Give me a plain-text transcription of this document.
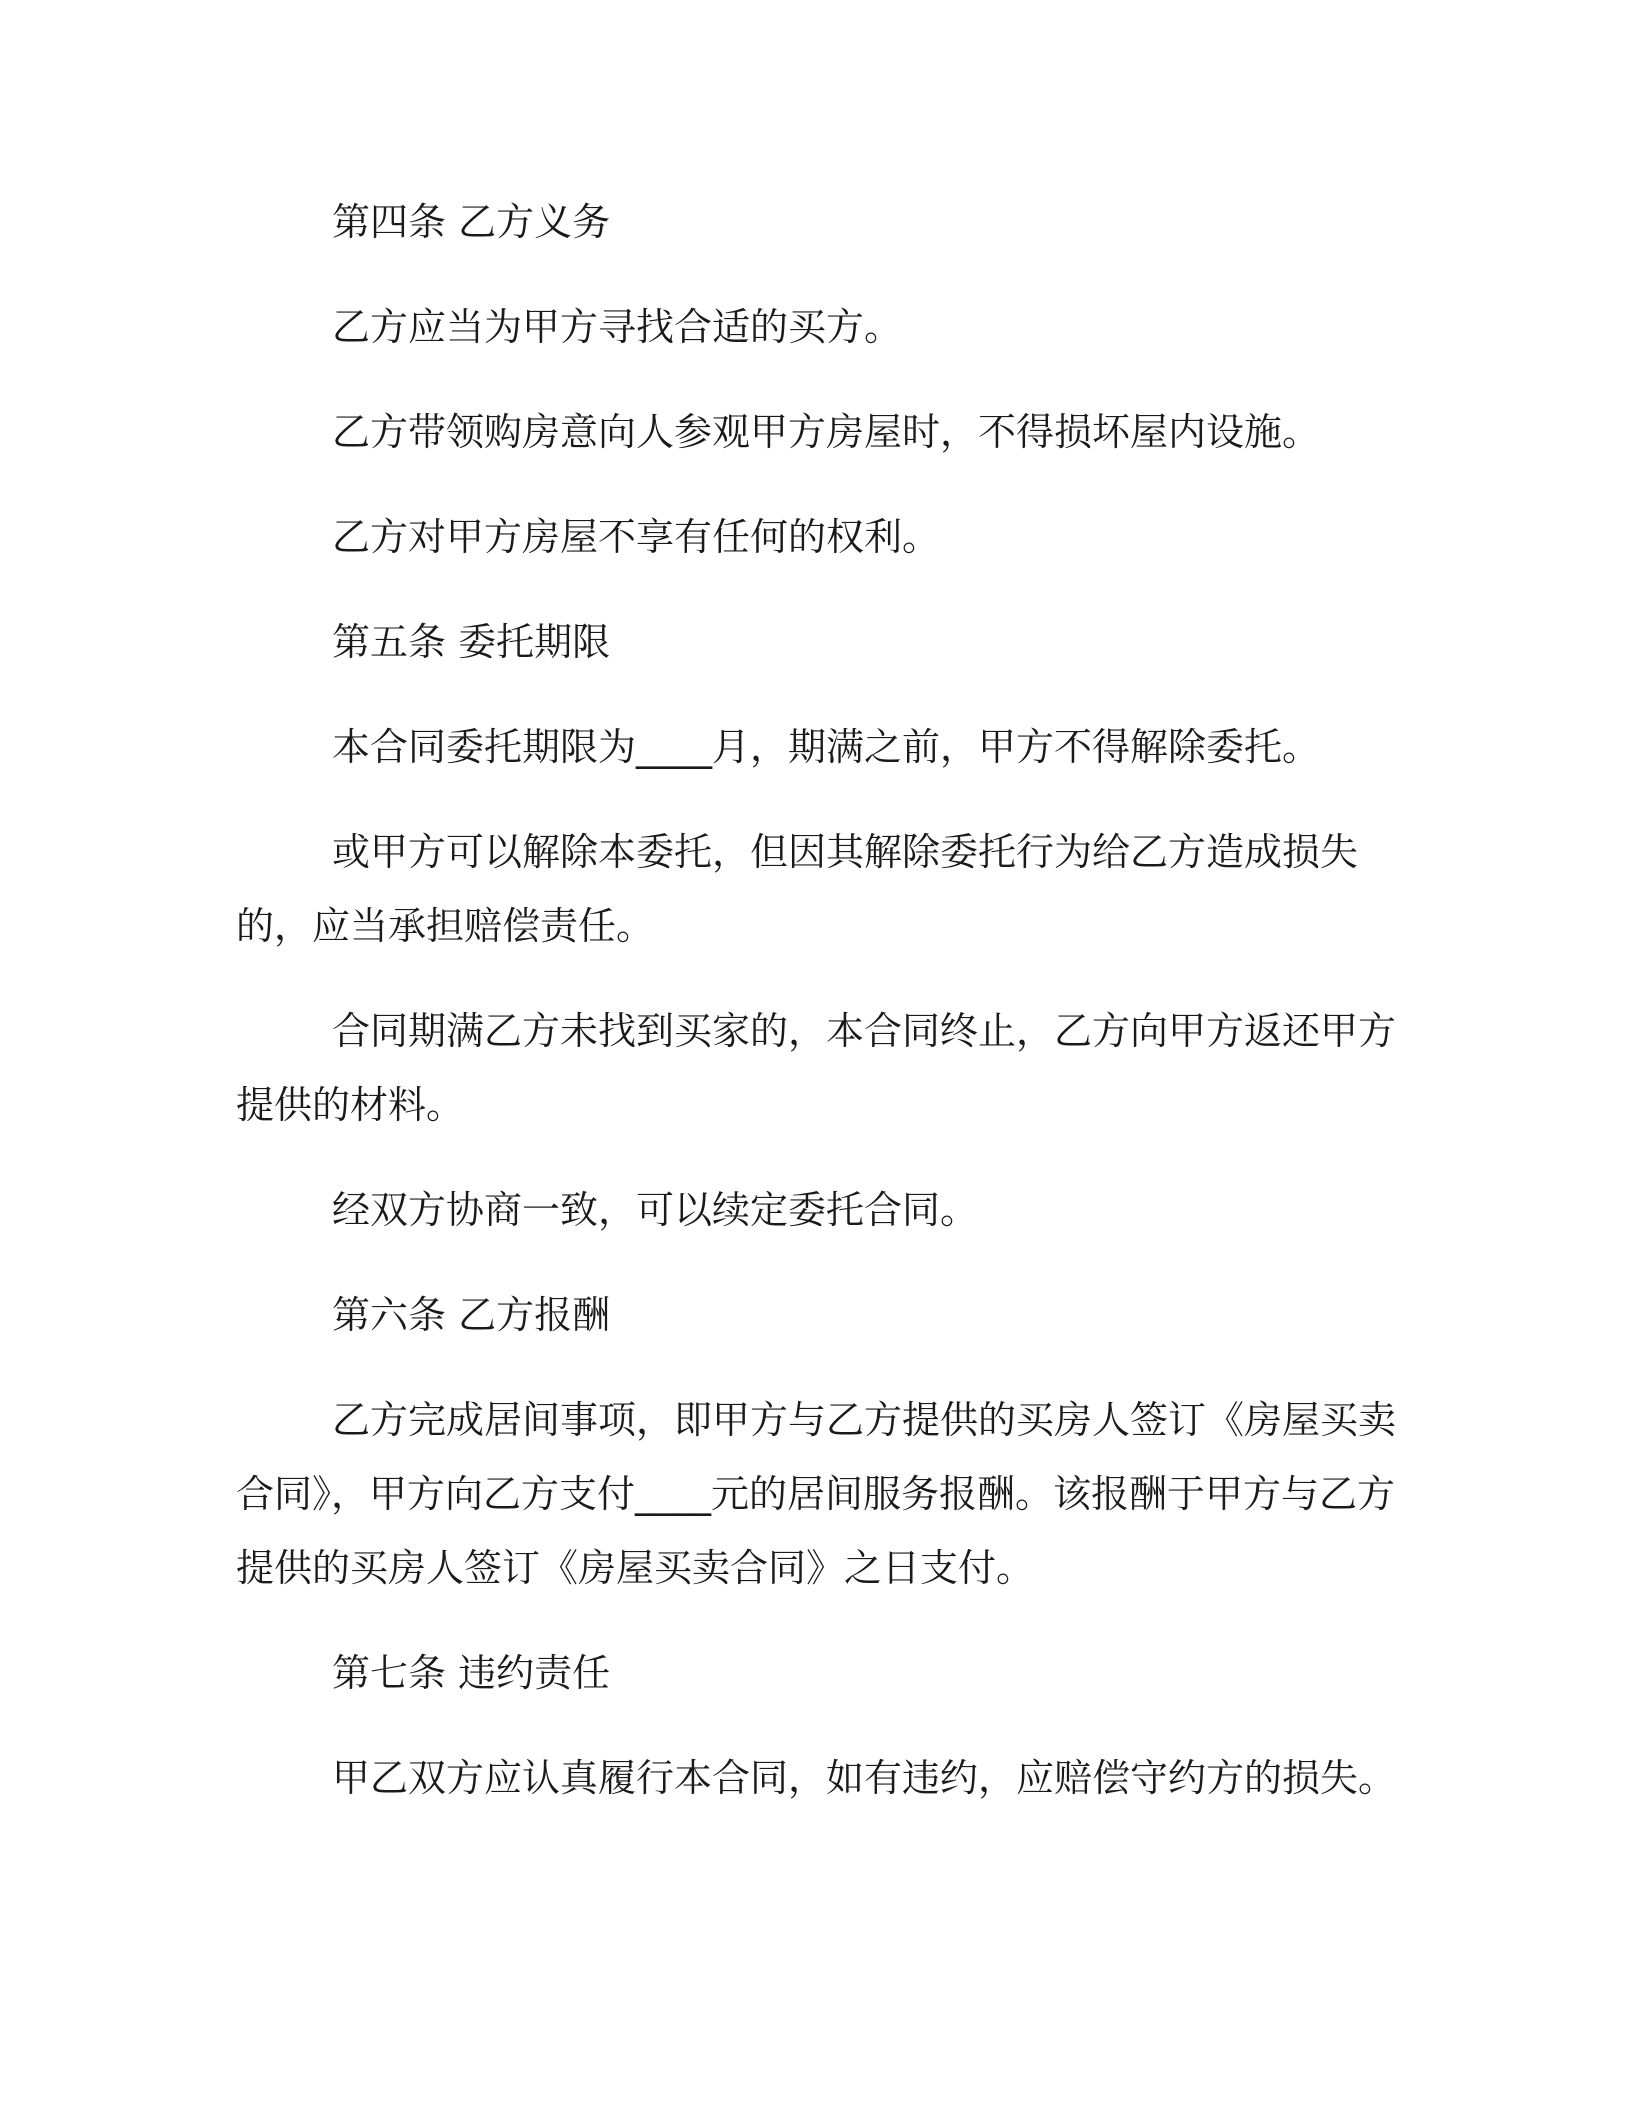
第四条 乙方义务

乙方应当为甲方寻找合适的买方。

乙方带领购房意向人参观甲方房屋时，不得损坏屋内设施。

乙方对甲方房屋不享有任何的权利。

第五条 委托期限

本合同委托期限为____月，期满之前，甲方不得解除委托。

或甲方可以解除本委托，但因其解除委托行为给乙方造成损失的，应当承担赔偿责任。

合同期满乙方未找到买家的，本合同终止，乙方向甲方返还甲方提供的材料。

经双方协商一致，可以续定委托合同。

第六条 乙方报酬

乙方完成居间事项，即甲方与乙方提供的买房人签订《房屋买卖合同》，甲方向乙方支付____元的居间服务报酬。该报酬于甲方与乙方提供的买房人签订《房屋买卖合同》之日支付。

第七条 违约责任

甲乙双方应认真履行本合同，如有违约，应赔偿守约方的损失。
